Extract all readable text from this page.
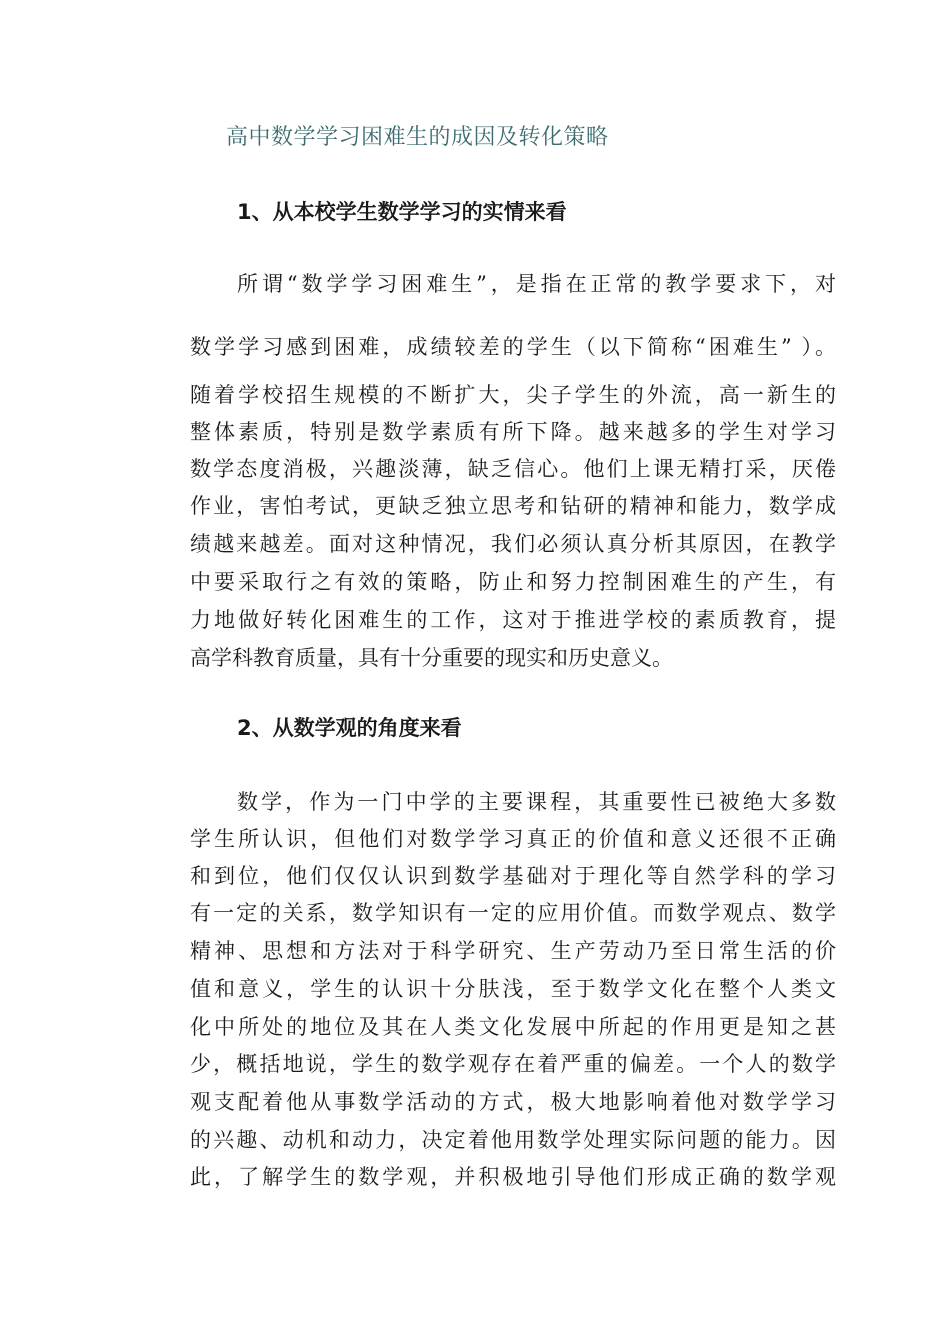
高中数学学习困难生的成因及转化策略
1、从本校学生数学学习的实情来看
所谓“数学学习困难生”，是指在正常的教学要求下，对
数学学习感到困难，成绩较差的学生（以下简称“困难生” ）。
随着学校招生规模的不断扩大，尖子学生的外流，高一新生的
整体素质，特别是数学素质有所下降。越来越多的学生对学习
数学态度消极，兴趣淡薄，缺乏信心。他们上课无精打采，厌倦
作业，害怕考试，更缺乏独立思考和钻研的精神和能力，数学成
绩越来越差。面对这种情况，我们必须认真分析其原因，在教学
中要采取行之有效的策略，防止和努力控制困难生的产生，有
力地做好转化困难生的工作，这对于推进学校的素质教育，提
高学科教育质量，具有十分重要的现实和历史意义。
2、从数学观的角度来看
数学，作为一门中学的主要课程，其重要性已被绝大多数
学生所认识，但他们对数学学习真正的价值和意义还很不正确
和到位，他们仅仅认识到数学基础对于理化等自然学科的学习
有一定的关系，数学知识有一定的应用价值。而数学观点、数学
精神、思想和方法对于科学研究、生产劳动乃至日常生活的价
值和意义，学生的认识十分肤浅，至于数学文化在整个人类文
化中所处的地位及其在人类文化发展中所起的作用更是知之甚
少，概括地说，学生的数学观存在着严重的偏差。一个人的数学
观支配着他从事数学活动的方式，极大地影响着他对数学学习
的兴趣、动机和动力，决定着他用数学处理实际问题的能力。因
此，了解学生的数学观，并积极地引导他们形成正确的数学观
